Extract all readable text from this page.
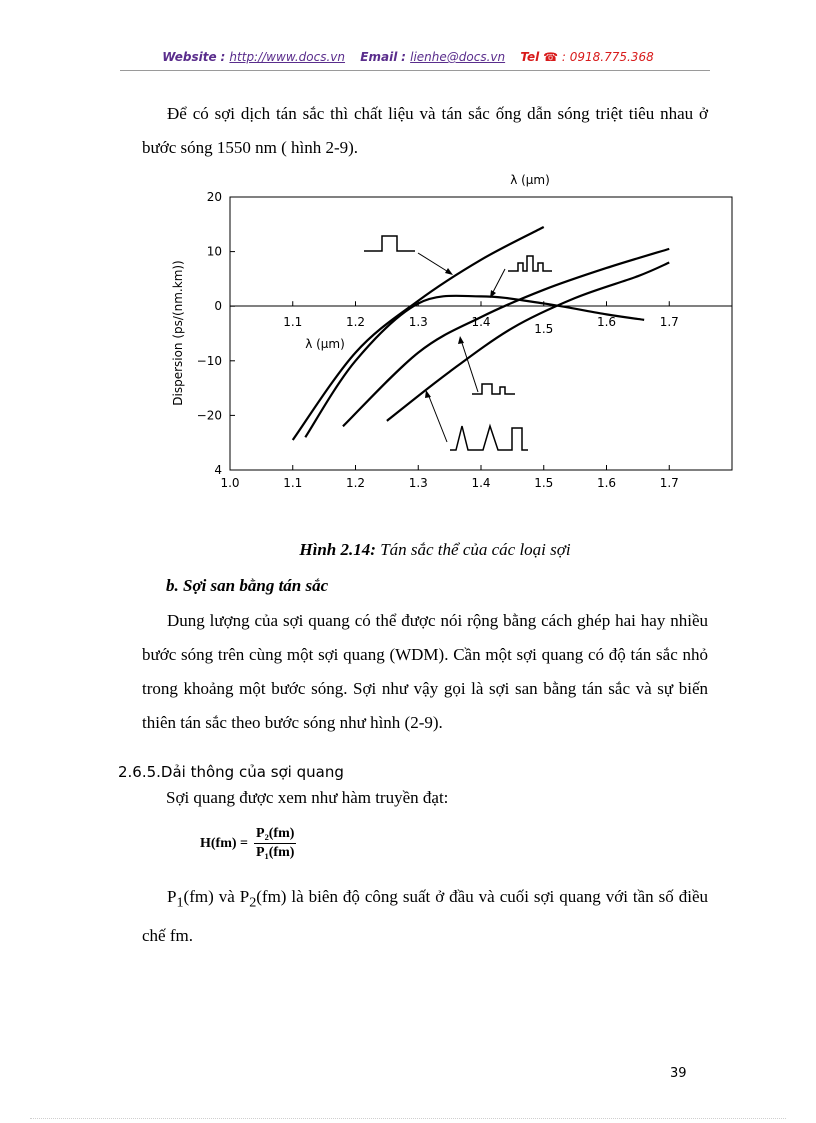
Website : http://www.docs.vn Email : lienhe@docs.vn Tel ☎ : 0918.775.368
Để có sợi dịch tán sắc thì chất liệu và tán sắc ống dẫn sóng triệt tiêu nhau ở bước sóng 1550 nm ( hình 2-9).
λ (μm)
λ (μm)
Dispersion (ps/(nm.km))
1.0	1.1	1.2	1.3	1.4	1.5	1.6	1.7
20
10
0
−10
−20
4
1.1	1.2	1.3	1.4	1.5	1.6	1.7
Hình 2.14: Tán sắc thể của các loại sợi
b. Sợi san bằng tán sắc
Dung lượng của sợi quang có thể được nói rộng bằng cách ghép hai hay nhiều bước sóng trên cùng một sợi quang (WDM). Cần một sợi quang có độ tán sắc nhỏ trong khoảng một bước sóng. Sợi như vậy gọi là sợi san bằng tán sắc và sự biến thiên tán sắc theo bước sóng như hình (2-9).
2.6.5.Dải thông của sợi quang
Sợi quang được xem như hàm truyền đạt:
$H(fm) = \frac{\text{P₂(fm)}}{\text{P₁(fm)}}$
$P_1(fm)$ và $P_2(fm)$ là biên độ công suất ở đầu và cuối sợi quang với tần số điều chế fm.
39
